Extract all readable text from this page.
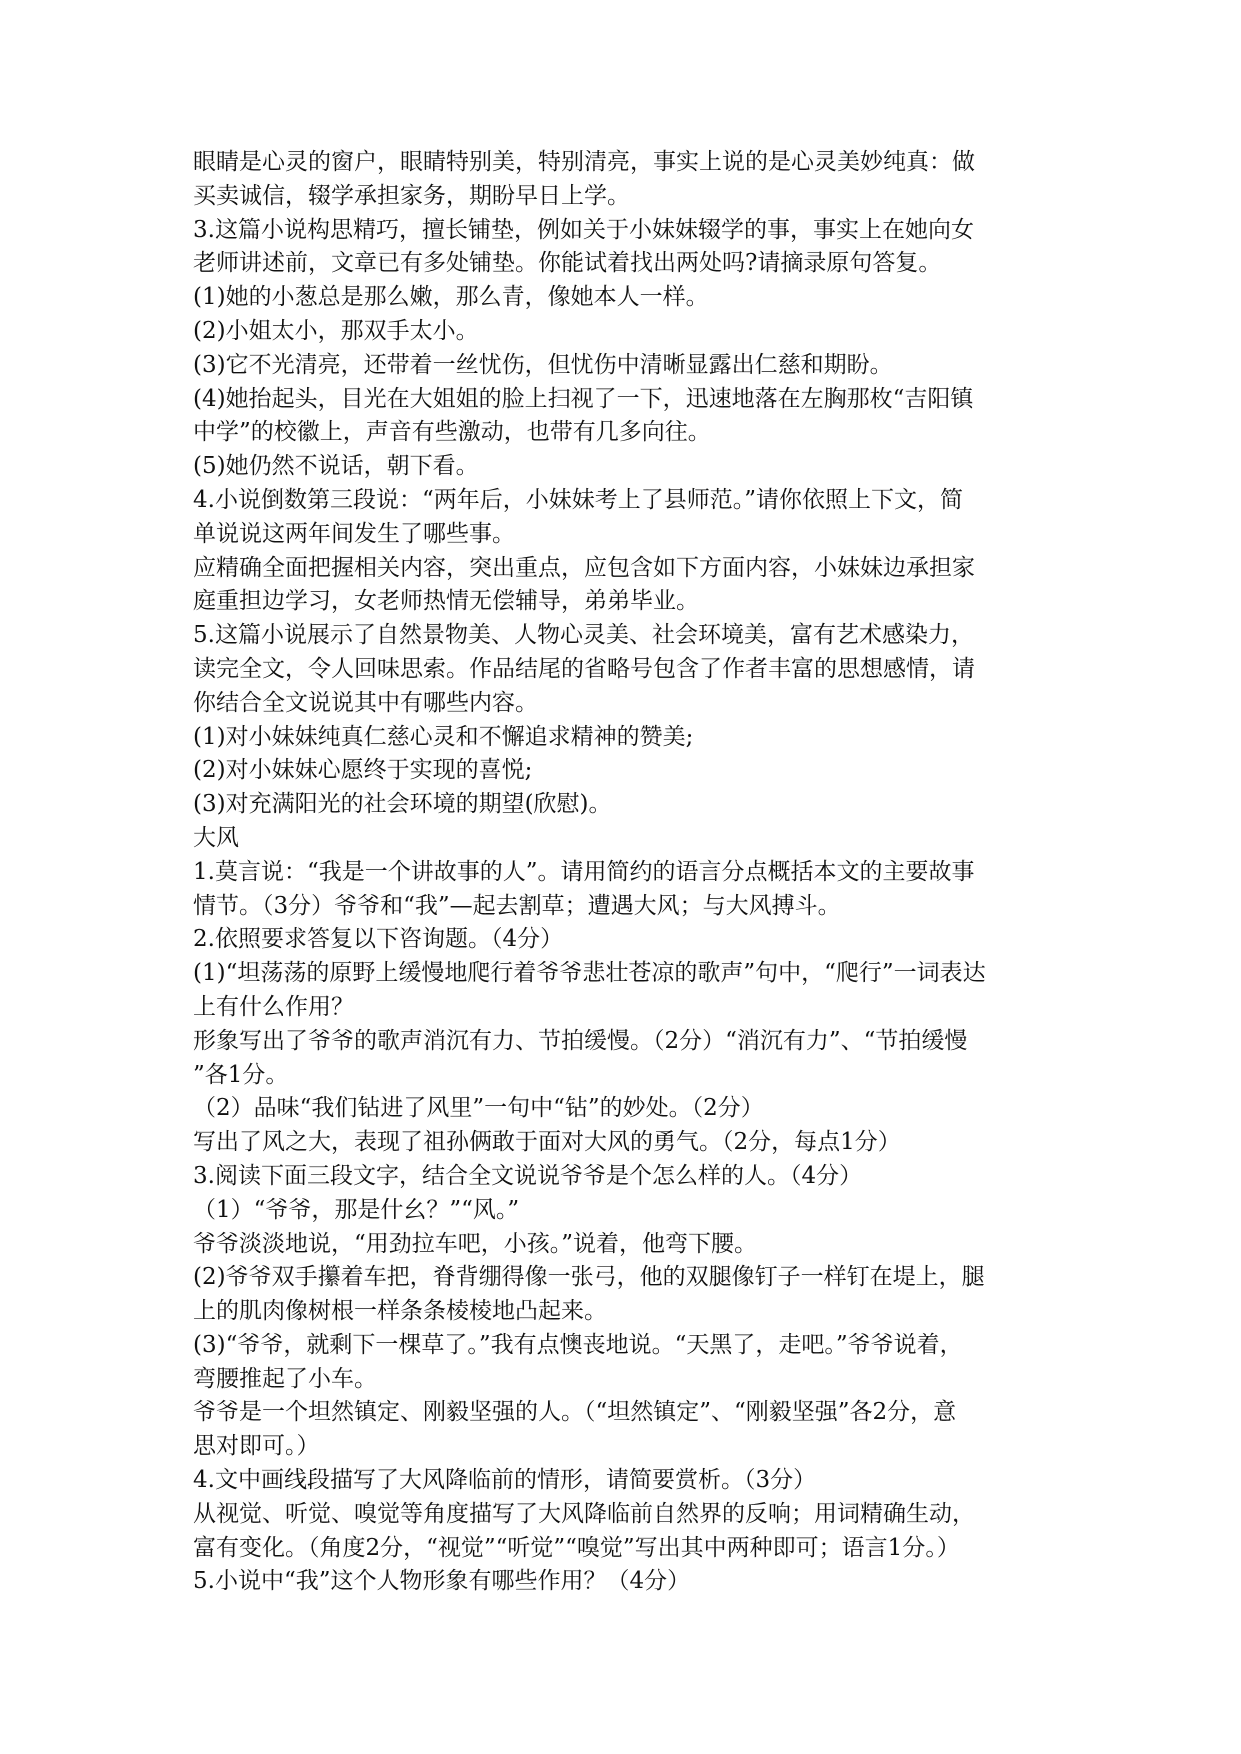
眼睛是心灵的窗户，眼睛特别美，特别清亮，事实上说的是心灵美妙纯真：做
买卖诚信，辍学承担家务，期盼早日上学。
3.这篇小说构思精巧，擅长铺垫，例如关于小妹妹辍学的事，事实上在她向女
老师讲述前，文章已有多处铺垫。你能试着找出两处吗?请摘录原句答复。
(1)她的小葱总是那么嫩，那么青，像她本人一样。
(2)小姐太小，那双手太小。
(3)它不光清亮，还带着一丝忧伤，但忧伤中清晰显露出仁慈和期盼。
(4)她抬起头，目光在大姐姐的脸上扫视了一下，迅速地落在左胸那枚“吉阳镇
中学”的校徽上，声音有些激动，也带有几多向往。
(5)她仍然不说话，朝下看。
4.小说倒数第三段说：“两年后，小妹妹考上了县师范。”请你依照上下文，简
单说说这两年间发生了哪些事。
应精确全面把握相关内容，突出重点，应包含如下方面内容，小妹妹边承担家
庭重担边学习，女老师热情无偿辅导，弟弟毕业。
5.这篇小说展示了自然景物美、人物心灵美、社会环境美，富有艺术感染力，
读完全文，令人回味思索。作品结尾的省略号包含了作者丰富的思想感情，请
你结合全文说说其中有哪些内容。
(1)对小妹妹纯真仁慈心灵和不懈追求精神的赞美;
(2)对小妹妹心愿终于实现的喜悦;
(3)对充满阳光的社会环境的期望(欣慰)。
大风
1.莫言说：“我是一个讲故事的人”。请用简约的语言分点概括本文的主要故事
情节。（3分）爷爷和“我”—起去割草；遭遇大风；与大风搏斗。
2.依照要求答复以下咨询题。（4分）
(1)“坦荡荡的原野上缓慢地爬行着爷爷悲壮苍凉的歌声”句中，“爬行”一词表达
上有什么作用？
形象写出了爷爷的歌声消沉有力、节拍缓慢。（2分）“消沉有力”、“节拍缓慢
”各1分。
（2）品味“我们钻进了风里”一句中“钻”的妙处。（2分）
写出了风之大，表现了祖孙俩敢于面对大风的勇气。（2分，每点1分）
3.阅读下面三段文字，结合全文说说爷爷是个怎么样的人。（4分）
（1）“爷爷，那是什幺？”“风。”
爷爷淡淡地说，“用劲拉车吧，小孩。”说着，他弯下腰。
(2)爷爷双手攥着车把，脊背绷得像一张弓，他的双腿像钉子一样钉在堤上，腿
上的肌肉像树根一样条条棱棱地凸起来。
(3)“爷爷，就剩下一棵草了。”我有点懊丧地说。“天黑了，走吧。”爷爷说着，
弯腰推起了小车。
爷爷是一个坦然镇定、刚毅坚强的人。（“坦然镇定”、“刚毅坚强”各2分，意
思对即可。）
4.文中画线段描写了大风降临前的情形，请简要赏析。（3分）
从视觉、听觉、嗅觉等角度描写了大风降临前自然界的反响；用词精确生动，
富有变化。（角度2分，“视觉”“听觉”“嗅觉”写出其中两种即可；语言1分。）
5.小说中“我”这个人物形象有哪些作用？（4分）
